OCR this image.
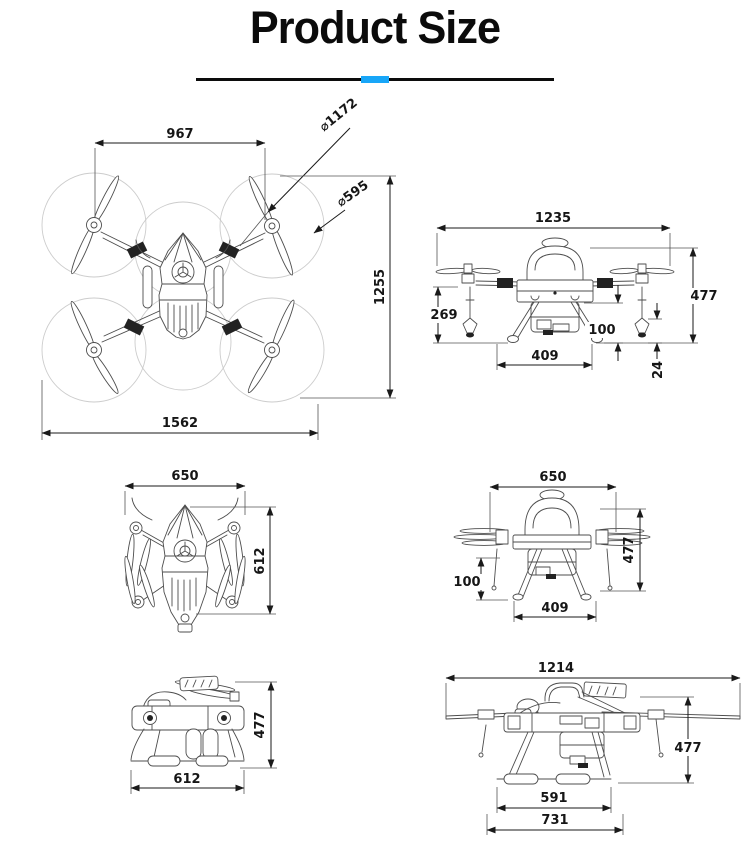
Product Size
967	⌀1172
⌀595
1255
1562
1235
477
269
100
409
24
650
612
650
477
100
409
477
612
1214
477
591
731
